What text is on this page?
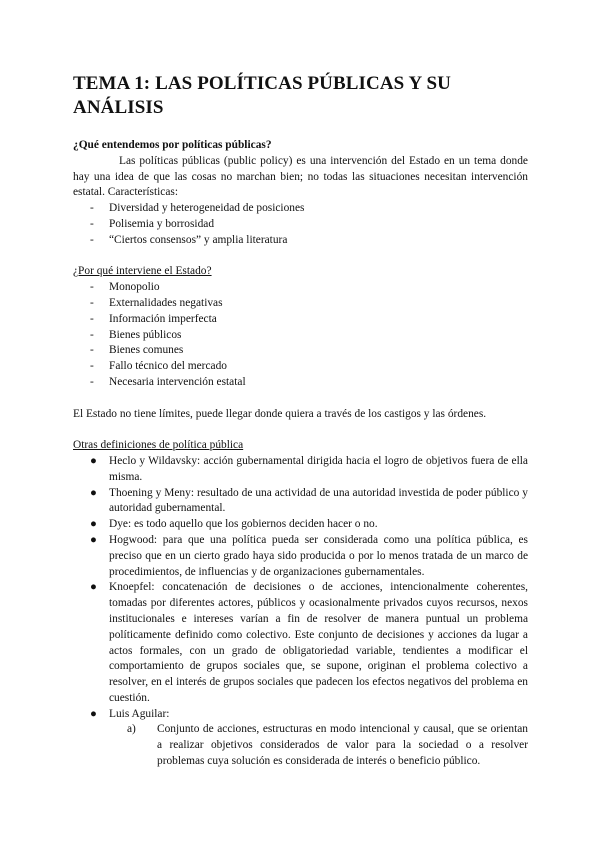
TEMA 1: LAS POLÍTICAS PÚBLICAS Y SU ANÁLISIS

¿Qué entendemos por políticas públicas?

Las políticas públicas (public policy) es una intervención del Estado en un tema donde hay una idea de que las cosas no marchan bien; no todas las situaciones necesitan intervención estatal. Características:

- Diversidad y heterogeneidad de posiciones
- Polisemia y borrosidad
- “Ciertos consensos” y amplia literatura

¿Por qué interviene el Estado?

- Monopolio
- Externalidades negativas
- Información imperfecta
- Bienes públicos
- Bienes comunes
- Fallo técnico del mercado
- Necesaria intervención estatal

El Estado no tiene límites, puede llegar donde quiera a través de los castigos y las órdenes.

Otras definiciones de política pública

● Heclo y Wildavsky: acción gubernamental dirigida hacia el logro de objetivos fuera de ella misma.
● Thoening y Meny: resultado de una actividad de una autoridad investida de poder público y autoridad gubernamental.
● Dye: es todo aquello que los gobiernos deciden hacer o no.
● Hogwood: para que una política pueda ser considerada como una política pública, es preciso que en un cierto grado haya sido producida o por lo menos tratada de un marco de procedimientos, de influencias y de organizaciones gubernamentales.
● Knoepfel: concatenación de decisiones o de acciones, intencionalmente coherentes, tomadas por diferentes actores, públicos y ocasionalmente privados cuyos recursos, nexos institucionales e intereses varían a fin de resolver de manera puntual un problema políticamente definido como colectivo. Este conjunto de decisiones y acciones da lugar a actos formales, con un grado de obligatoriedad variable, tendientes a modificar el comportamiento de grupos sociales que, se supone, originan el problema colectivo a resolver, en el interés de grupos sociales que padecen los efectos negativos del problema en cuestión.
● Luis Aguilar:
a) Conjunto de acciones, estructuras en modo intencional y causal, que se orientan a realizar objetivos considerados de valor para la sociedad o a resolver problemas cuya solución es considerada de interés o beneficio público.
